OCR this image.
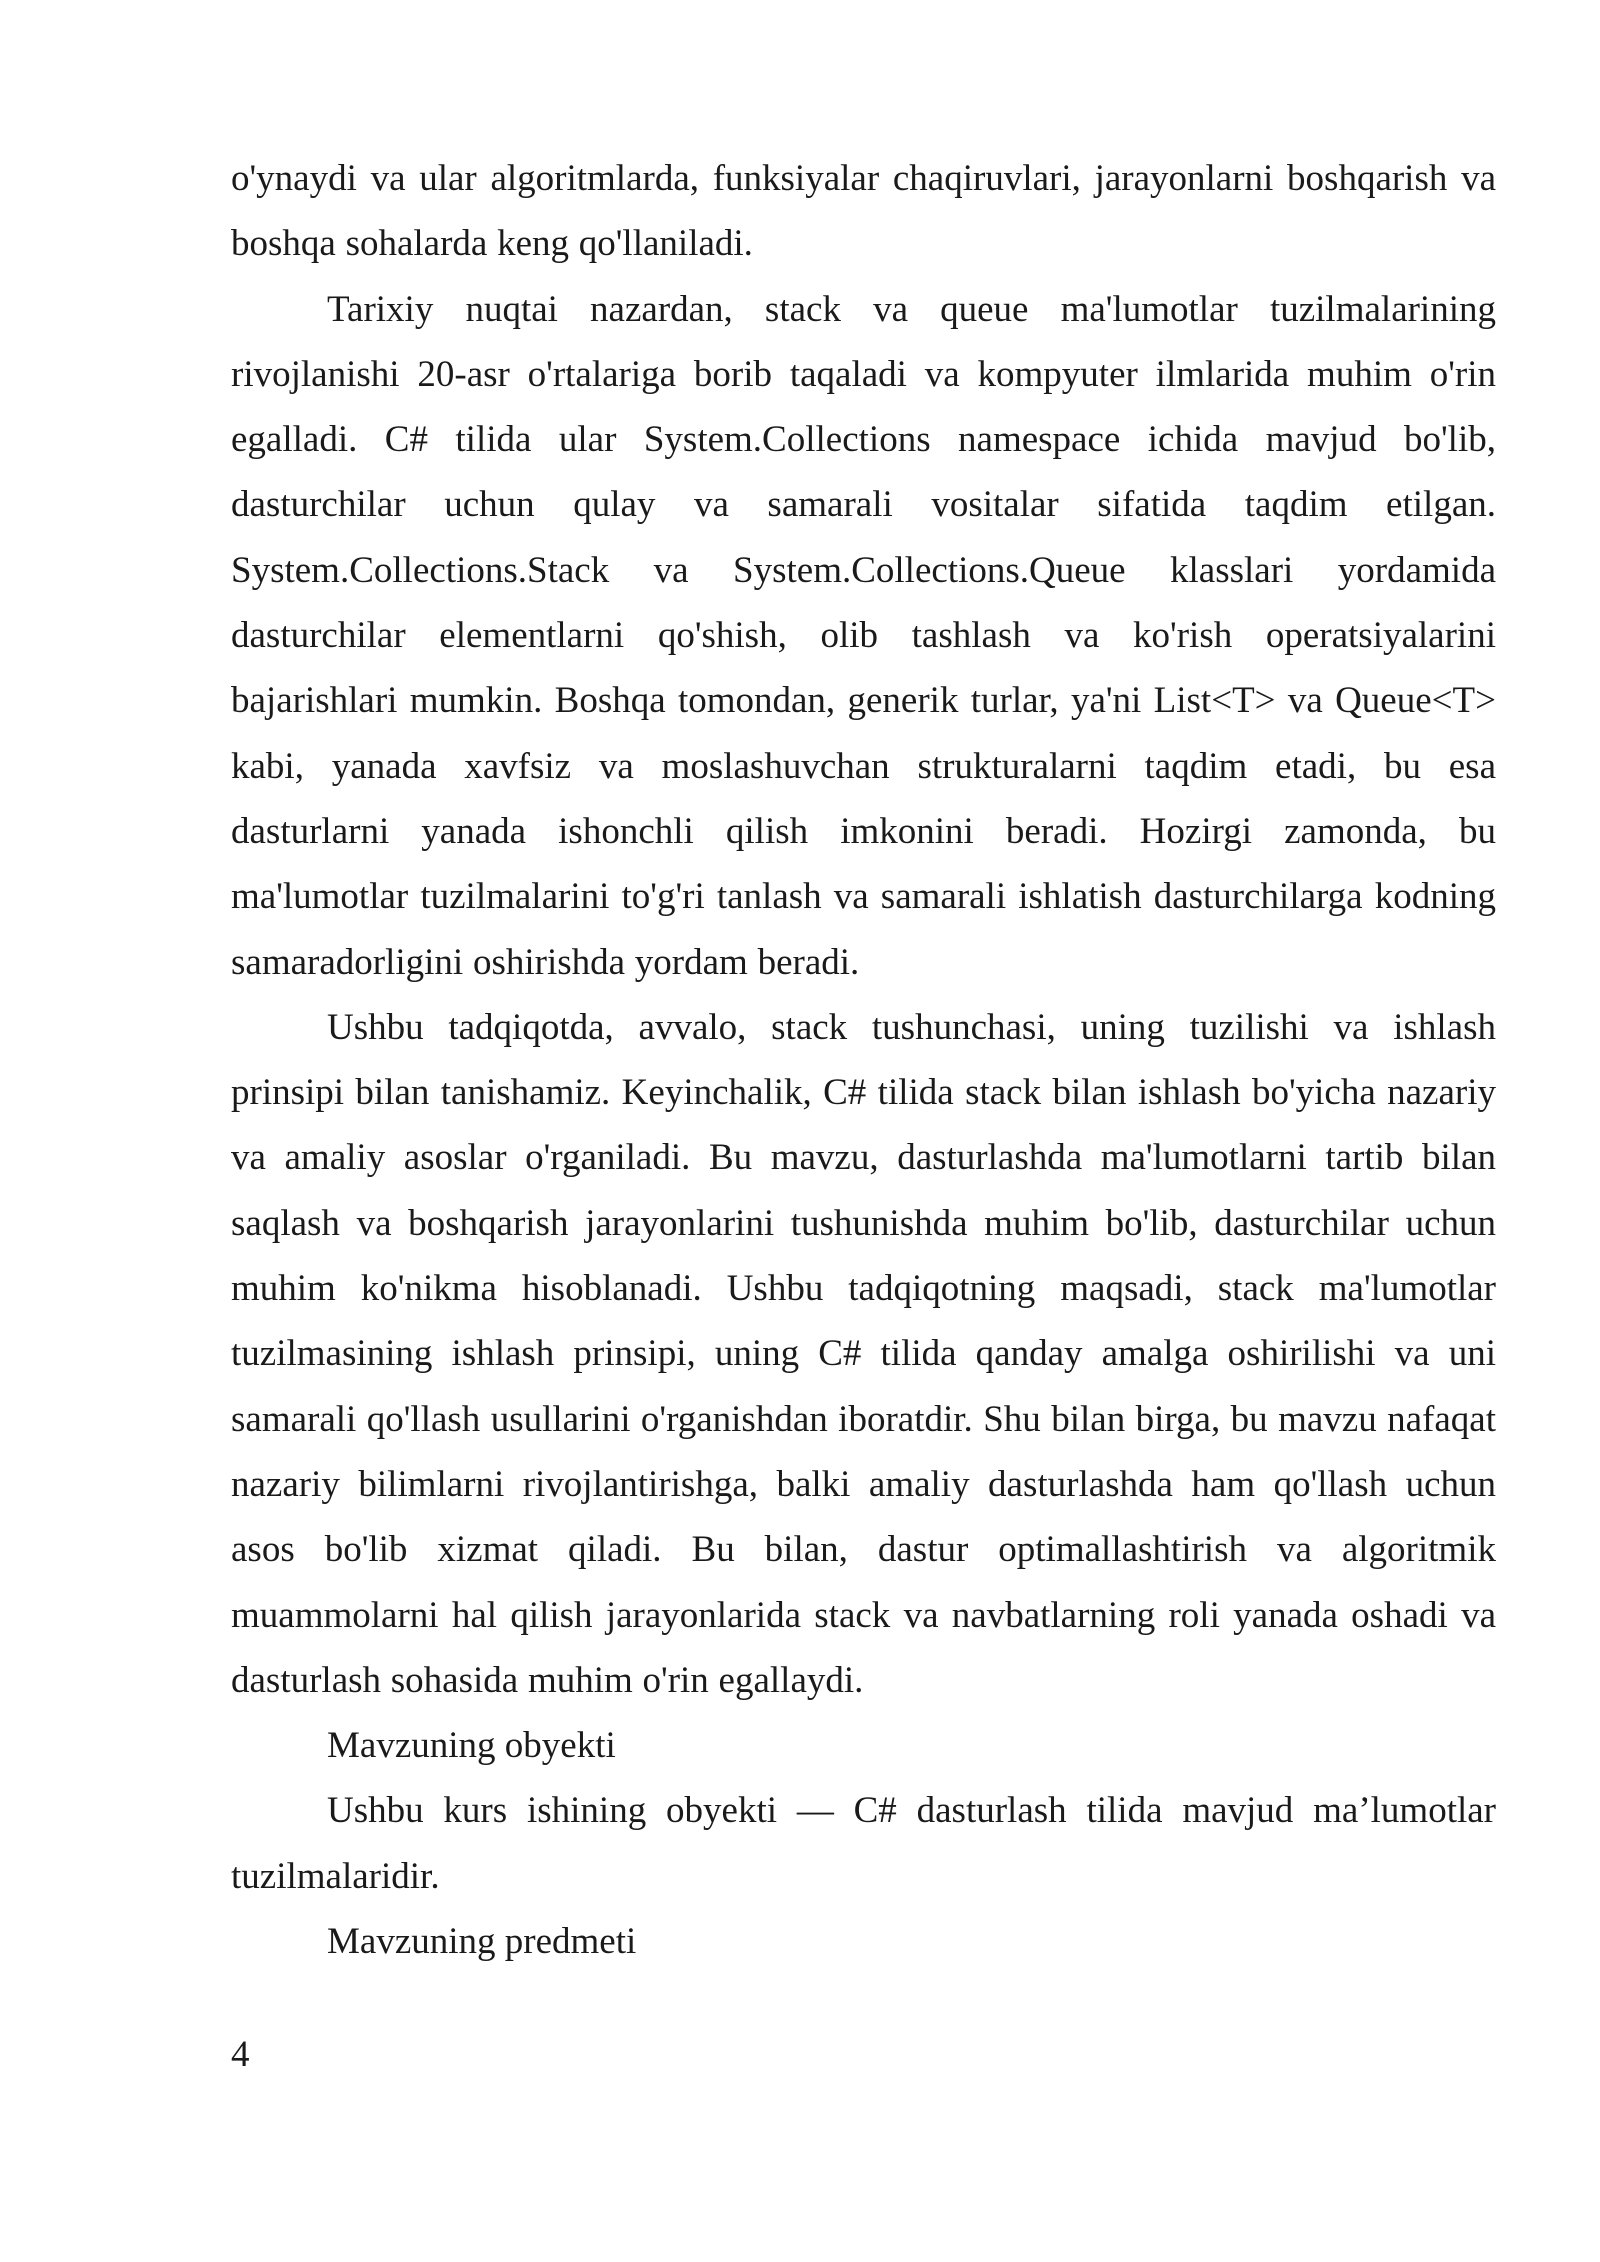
o'ynaydi va ular algoritmlarda, funksiyalar chaqiruvlari, jarayonlarni boshqarish va boshqa sohalarda keng qo'llaniladi.

Tarixiy nuqtai nazardan, stack va queue ma'lumotlar tuzilmalarining rivojlanishi 20-asr o'rtalariga borib taqaladi va kompyuter ilmlarida muhim o'rin egalladi. C# tilida ular System.Collections namespace ichida mavjud bo'lib, dasturchilar uchun qulay va samarali vositalar sifatida taqdim etilgan. System.Collections.Stack va System.Collections.Queue klasslari yordamida dasturchilar elementlarni qo'shish, olib tashlash va ko'rish operatsiyalarini bajarishlari mumkin. Boshqa tomondan, generik turlar, ya'ni List<T> va Queue<T> kabi, yanada xavfsiz va moslashuvchan strukturalarni taqdim etadi, bu esa dasturlarni yanada ishonchli qilish imkonini beradi. Hozirgi zamonda, bu ma'lumotlar tuzilmalarini to'g'ri tanlash va samarali ishlatish dasturchilarga kodning samaradorligini oshirishda yordam beradi.

Ushbu tadqiqotda, avvalo, stack tushunchasi, uning tuzilishi va ishlash prinsipi bilan tanishamiz. Keyinchalik, C# tilida stack bilan ishlash bo'yicha nazariy va amaliy asoslar o'rganiladi. Bu mavzu, dasturlashda ma'lumotlarni tartib bilan saqlash va boshqarish jarayonlarini tushunishda muhim bo'lib, dasturchilar uchun muhim ko'nikma hisoblanadi. Ushbu tadqiqotning maqsadi, stack ma'lumotlar tuzilmasining ishlash prinsipi, uning C# tilida qanday amalga oshirilishi va uni samarali qo'llash usullarini o'rganishdan iboratdir. Shu bilan birga, bu mavzu nafaqat nazariy bilimlarni rivojlantirishga, balki amaliy dasturlashda ham qo'llash uchun asos bo'lib xizmat qiladi. Bu bilan, dastur optimallashtirish va algoritmik muammolarni hal qilish jarayonlarida stack va navbatlarning roli yanada oshadi va dasturlash sohasida muhim o'rin egallaydi.

Mavzuning obyekti

Ushbu kurs ishining obyekti — C# dasturlash tilida mavjud ma’lumotlar tuzilmalaridir.

Mavzuning predmeti

4
